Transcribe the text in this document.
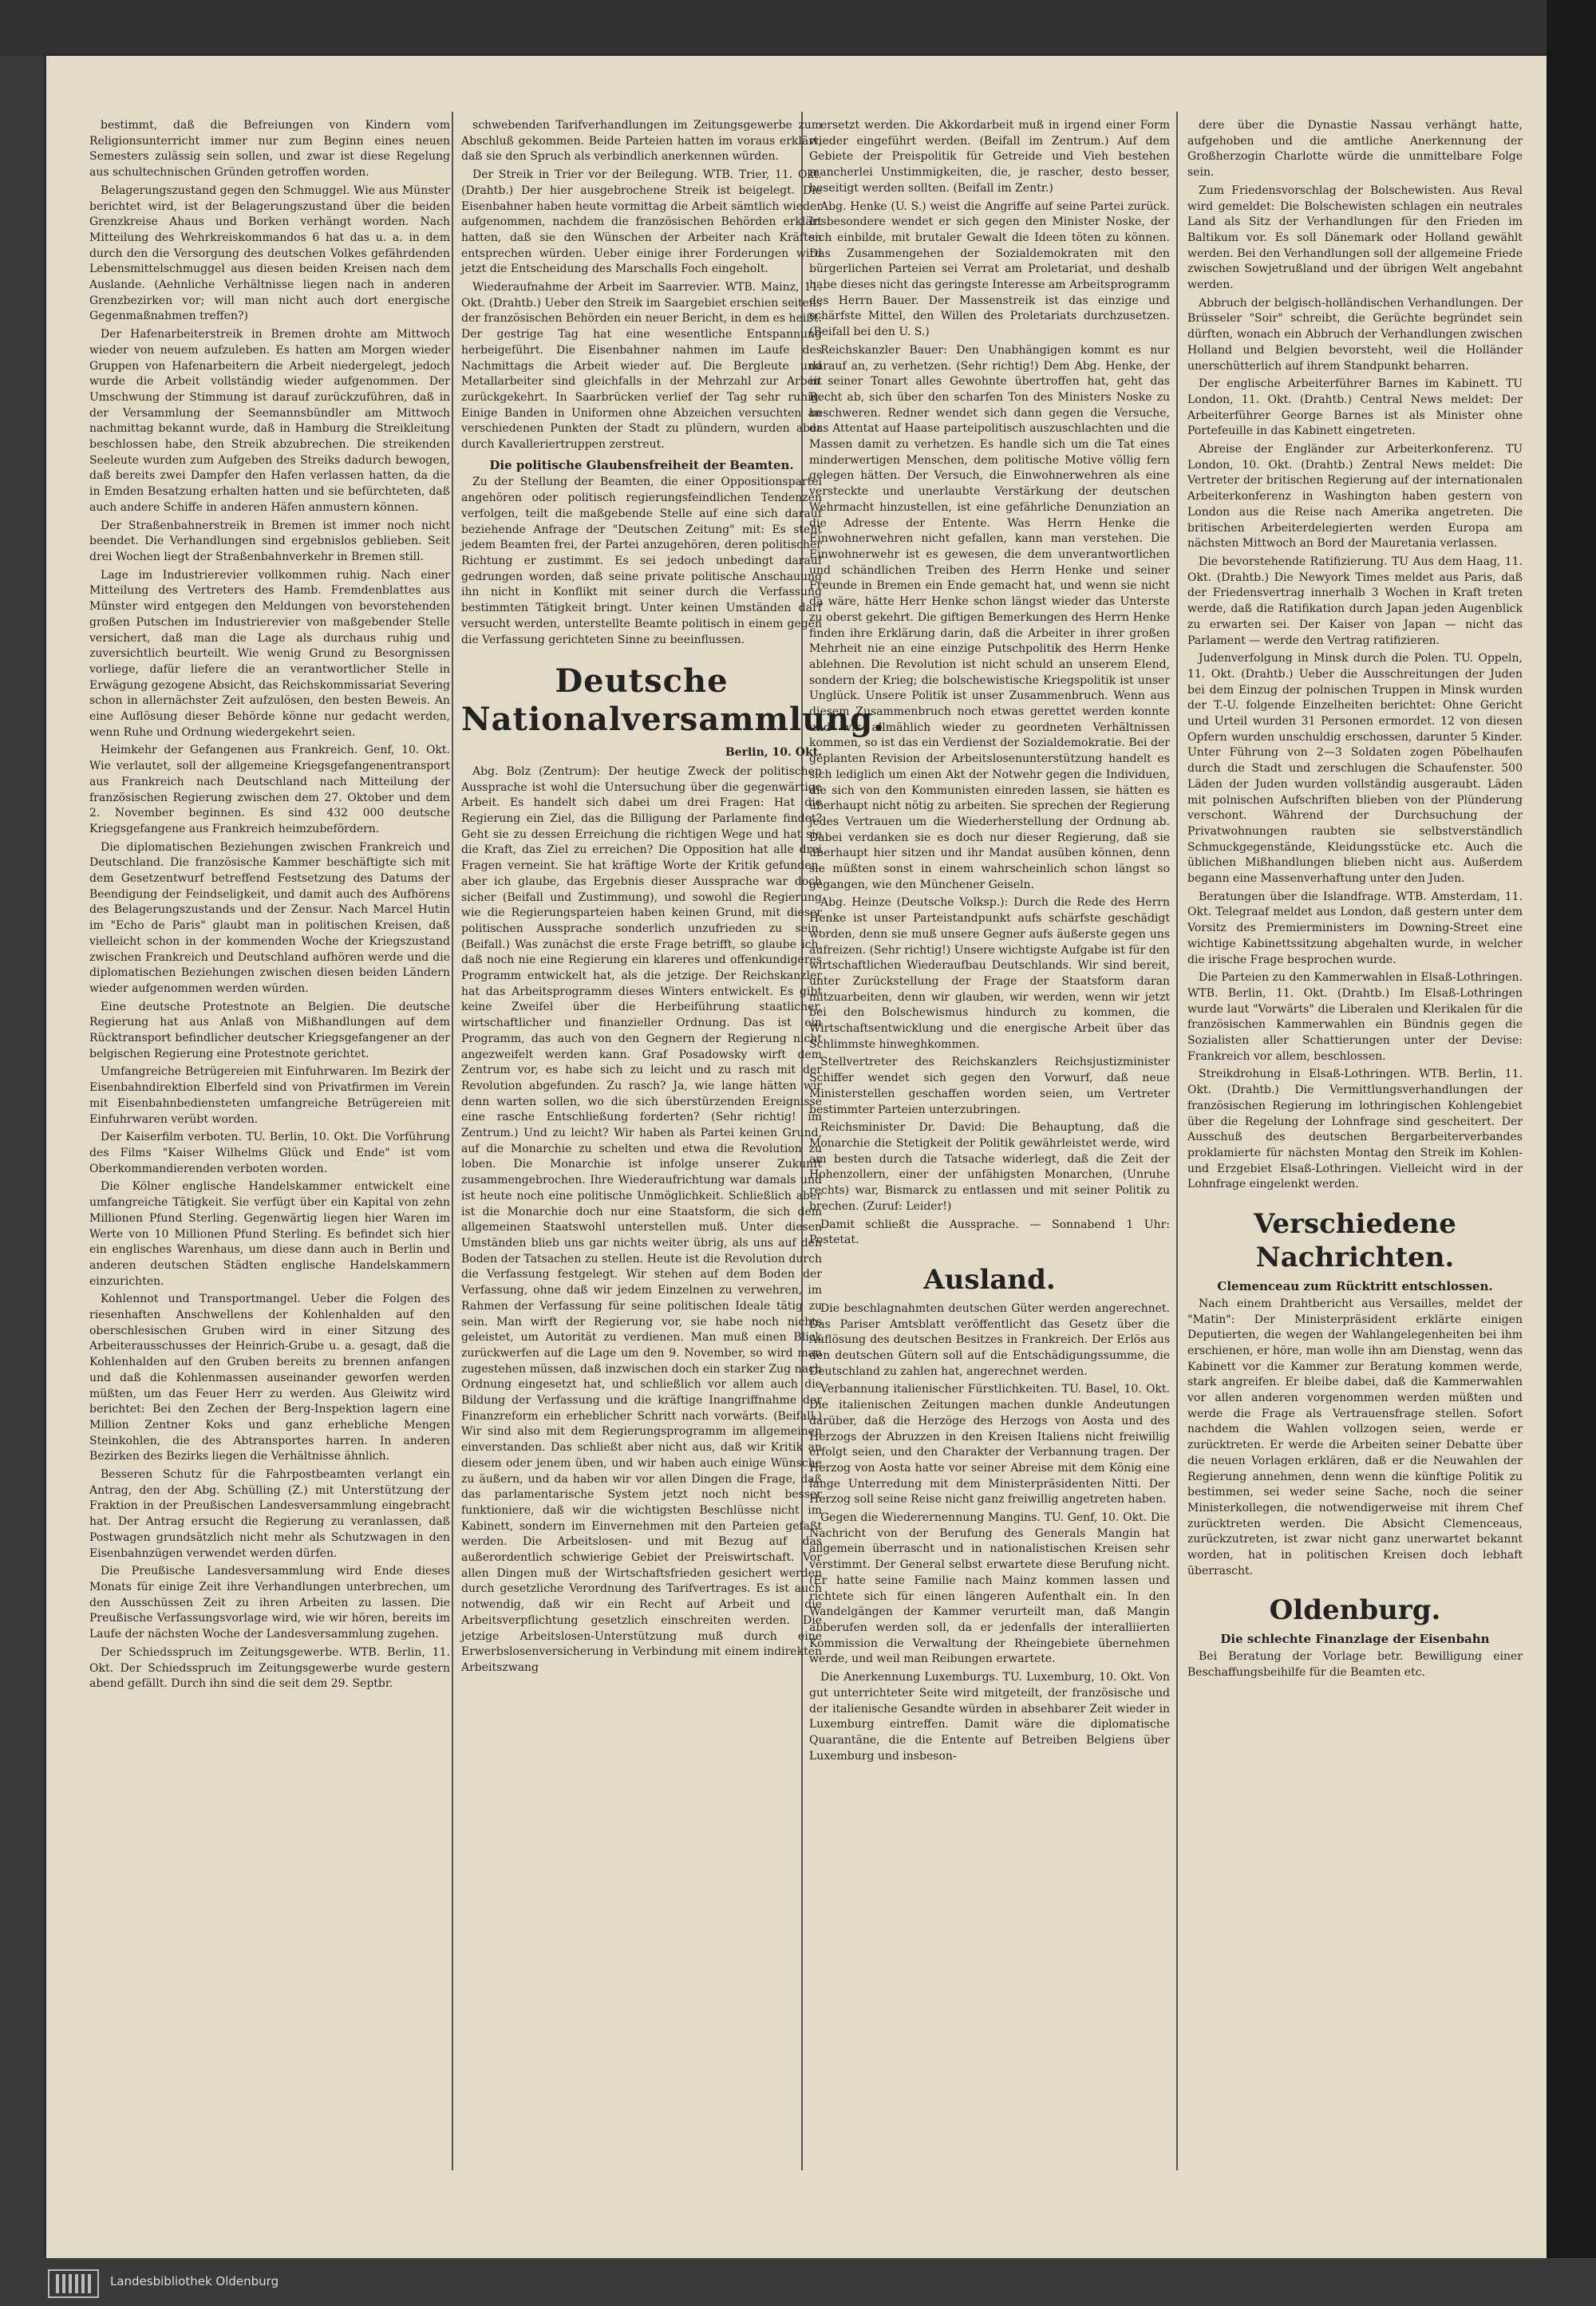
bestimmt, daß die Befreiungen von Kindern vom Religionsunterricht immer nur zum Beginn eines neuen Semesters zulässig sein sollen, und zwar ist diese Regelung aus schultechnischen Gründen getroffen worden.

Belagerungszustand gegen den Schmuggel. Wie aus Münster berichtet wird, ist der Belagerungszustand über die beiden Grenzkreise Ahaus und Borken verhängt worden. Nach Mitteilung des Wehrkreiskommandos 6 hat das u. a. in dem durch den die Versorgung des deutschen Volkes gefährdenden Lebensmittelschmuggel aus diesen beiden Kreisen nach dem Auslande. (Aehnliche Verhältnisse liegen nach in anderen Grenzbezirken vor; will man nicht auch dort energische Gegenmaßnahmen treffen?)

Der Hafenarbeiterstreik in Bremen drohte am Mittwoch wieder von neuem aufzuleben. Es hatten am Morgen wieder Gruppen von Hafenarbeitern die Arbeit niedergelegt, jedoch wurde die Arbeit vollständig wieder aufgenommen. Der Umschwung der Stimmung ist darauf zurückzuführen, daß in der Versammlung der Seemannsbündler am Mittwoch nachmittag bekannt wurde, daß in Hamburg die Streikleitung beschlossen habe, den Streik abzubrechen. Die streikenden Seeleute wurden zum Aufgeben des Streiks dadurch bewogen, daß bereits zwei Dampfer den Hafen verlassen hatten, da die in Emden Besatzung erhalten hatten und sie befürchteten, daß auch andere Schiffe in anderen Häfen anmustern können.

Der Straßenbahnerstreik in Bremen ist immer noch nicht beendet. Die Verhandlungen sind ergebnislos geblieben. Seit drei Wochen liegt der Straßenbahnverkehr in Bremen still.

Lage im Industrierevier vollkommen ruhig. Nach einer Mitteilung des Vertreters des Hamb. Fremdenblattes aus Münster wird entgegen den Meldungen von bevorstehenden großen Putschen im Industrierevier von maßgebender Stelle versichert, daß man die Lage als durchaus ruhig und zuversichtlich beurteilt. Wie wenig Grund zu Besorgnissen vorliege, dafür liefere die an verantwortlicher Stelle in Erwägung gezogene Absicht, das Reichskommissariat Severing schon in allernächster Zeit aufzulösen, den besten Beweis. An eine Auflösung dieser Behörde könne nur gedacht werden, wenn Ruhe und Ordnung wiedergekehrt seien.

Heimkehr der Gefangenen aus Frankreich. Genf, 10. Okt. Wie verlautet, soll der allgemeine Kriegsgefangenentransport aus Frankreich nach Deutschland nach Mitteilung der französischen Regierung zwischen dem 27. Oktober und dem 2. November beginnen. Es sind 432 000 deutsche Kriegsgefangene aus Frankreich heimzubefördern.

Die diplomatischen Beziehungen zwischen Frankreich und Deutschland. Die französische Kammer beschäftigte sich mit dem Gesetzentwurf betreffend Festsetzung des Datums der Beendigung der Feindseligkeit, und damit auch des Aufhörens des Belagerungszustands und der Zensur. Nach Marcel Hutin im "Echo de Paris" glaubt man in politischen Kreisen, daß vielleicht schon in der kommenden Woche der Kriegszustand zwischen Frankreich und Deutschland aufhören werde und die diplomatischen Beziehungen zwischen diesen beiden Ländern wieder aufgenommen werden würden.

Eine deutsche Protestnote an Belgien. Die deutsche Regierung hat aus Anlaß von Mißhandlungen auf dem Rücktransport befindlicher deutscher Kriegsgefangener an der belgischen Regierung eine Protestnote gerichtet.

Umfangreiche Betrügereien mit Einfuhrwaren. Im Bezirk der Eisenbahndirektion Elberfeld sind von Privatfirmen im Verein mit Eisenbahnbediensteten umfangreiche Betrügereien mit Einfuhrwaren verübt worden.

Der Kaiserfilm verboten. TU. Berlin, 10. Okt. Die Vorführung des Films "Kaiser Wilhelms Glück und Ende" ist vom Oberkommandierenden verboten worden.

Die Kölner englische Handelskammer entwickelt eine umfangreiche Tätigkeit. Sie verfügt über ein Kapital von zehn Millionen Pfund Sterling. Gegenwärtig liegen hier Waren im Werte von 10 Millionen Pfund Sterling. Es befindet sich hier ein englisches Warenhaus, um diese dann auch in Berlin und anderen deutschen Städten englische Handelskammern einzurichten.

Kohlennot und Transportmangel. Ueber die Folgen des riesenhaften Anschwellens der Kohlenhalden auf den oberschlesischen Gruben wird in einer Sitzung des Arbeiterausschusses der Heinrich-Grube u. a. gesagt, daß die Kohlenhalden auf den Gruben bereits zu brennen anfangen und daß die Kohlenmassen auseinander geworfen werden müßten, um das Feuer Herr zu werden. Aus Gleiwitz wird berichtet: Bei den Zechen der Berg-Inspektion lagern eine Million Zentner Koks und ganz erhebliche Mengen Steinkohlen, die des Abtransportes harren. In anderen Bezirken des Bezirks liegen die Verhältnisse ähnlich.

Besseren Schutz für die Fahrpostbeamten verlangt ein Antrag, den der Abg. Schülling (Z.) mit Unterstützung der Fraktion in der Preußischen Landesversammlung eingebracht hat. Der Antrag ersucht die Regierung zu veranlassen, daß Postwagen grundsätzlich nicht mehr als Schutzwagen in den Eisenbahnzügen verwendet werden dürfen.

Die Preußische Landesversammlung wird Ende dieses Monats für einige Zeit ihre Verhandlungen unterbrechen, um den Ausschüssen Zeit zu ihren Arbeiten zu lassen. Die Preußische Verfassungsvorlage wird, wie wir hören, bereits im Laufe der nächsten Woche der Landesversammlung zugehen.

Der Schiedsspruch im Zeitungsgewerbe. WTB. Berlin, 11. Okt. Der Schiedsspruch im Zeitungsgewerbe wurde gestern abend gefällt. Durch ihn sind die seit dem 29. Septbr.

schwebenden Tarifverhandlungen im Zeitungsgewerbe zum Abschluß gekommen. Beide Parteien hatten im voraus erklärt, daß sie den Spruch als verbindlich anerkennen würden.

Der Streik in Trier vor der Beilegung. WTB. Trier, 11. Okt. (Drahtb.) Der hier ausgebrochene Streik ist beigelegt. Die Eisenbahner haben heute vormittag die Arbeit sämtlich wieder aufgenommen, nachdem die französischen Behörden erklärt hatten, daß sie den Wünschen der Arbeiter nach Kräften entsprechen würden. Ueber einige ihrer Forderungen wird jetzt die Entscheidung des Marschalls Foch eingeholt.

Wiederaufnahme der Arbeit im Saarrevier. WTB. Mainz, 11. Okt. (Drahtb.) Ueber den Streik im Saargebiet erschien seitens der französischen Behörden ein neuer Bericht, in dem es heißt: Der gestrige Tag hat eine wesentliche Entspannung herbeigeführt. Die Eisenbahner nahmen im Laufe des Nachmittags die Arbeit wieder auf. Die Bergleute und Metallarbeiter sind gleichfalls in der Mehrzahl zur Arbeit zurückgekehrt. In Saarbrücken verlief der Tag sehr ruhig. Einige Banden in Uniformen ohne Abzeichen versuchten an verschiedenen Punkten der Stadt zu plündern, wurden aber durch Kavalleriertruppen zerstreut.

Die politische Glaubensfreiheit der Beamten.

Zu der Stellung der Beamten, die einer Oppositionspartei angehören oder politisch regierungsfeindlichen Tendenzen verfolgen, teilt die maßgebende Stelle auf eine sich darauf beziehende Anfrage der "Deutschen Zeitung" mit: Es steht jedem Beamten frei, der Partei anzugehören, deren politischer Richtung er zustimmt. Es sei jedoch unbedingt darauf gedrungen worden, daß seine private politische Anschauung ihn nicht in Konflikt mit seiner durch die Verfassung bestimmten Tätigkeit bringt. Unter keinen Umständen darf versucht werden, unterstellte Beamte politisch in einem gegen die Verfassung gerichteten Sinne zu beeinflussen.

Deutsche Nationalversammlung.
Berlin, 10. Okt.

Abg. Bolz (Zentrum): Der heutige Zweck der politischen Aussprache ist wohl die Untersuchung über die gegenwärtige Arbeit. Es handelt sich dabei um drei Fragen: Hat die Regierung ein Ziel, das die Billigung der Parlamente findet? Geht sie zu dessen Erreichung die richtigen Wege und hat sie die Kraft, das Ziel zu erreichen? Die Opposition hat alle drei Fragen verneint. Sie hat kräftige Worte der Kritik gefunden, aber ich glaube, das Ergebnis dieser Aussprache war doch sicher (Beifall und Zustimmung), und sowohl die Regierung wie die Regierungsparteien haben keinen Grund, mit dieser politischen Aussprache sonderlich unzufrieden zu sein. (Beifall.) Was zunächst die erste Frage betrifft, so glaube ich, daß noch nie eine Regierung ein klareres und offenkundigeres Programm entwickelt hat, als die jetzige. Der Reichskanzler hat das Arbeitsprogramm dieses Winters entwickelt. Es gibt keine Zweifel über die Herbeiführung staatlicher, wirtschaftlicher und finanzieller Ordnung. Das ist ein Programm, das auch von den Gegnern der Regierung nicht angezweifelt werden kann. Graf Posadowsky wirft dem Zentrum vor, es habe sich zu leicht und zu rasch mit der Revolution abgefunden. Zu rasch? Ja, wie lange hätten wir denn warten sollen, wo die sich überstürzenden Ereignisse eine rasche Entschließung forderten? (Sehr richtig! im Zentrum.) Und zu leicht? Wir haben als Partei keinen Grund, auf die Monarchie zu schelten und etwa die Revolution zu loben. Die Monarchie ist infolge unserer Zukunft zusammengebrochen. Ihre Wiederaufrichtung war damals und ist heute noch eine politische Unmöglichkeit. Schließlich aber ist die Monarchie doch nur eine Staatsform, die sich dem allgemeinen Staatswohl unterstellen muß. Unter diesen Umständen blieb uns gar nichts weiter übrig, als uns auf den Boden der Tatsachen zu stellen. Heute ist die Revolution durch die Verfassung festgelegt. Wir stehen auf dem Boden der Verfassung, ohne daß wir jedem Einzelnen zu verwehren, im Rahmen der Verfassung für seine politischen Ideale tätig zu sein. Man wirft der Regierung vor, sie habe noch nichts geleistet, um Autorität zu verdienen. Man muß einen Blick zurückwerfen auf die Lage um den 9. November, so wird man zugestehen müssen, daß inzwischen doch ein starker Zug nach Ordnung eingesetzt hat, und schließlich vor allem auch die Bildung der Verfassung und die kräftige Inangriffnahme der Finanzreform ein erheblicher Schritt nach vorwärts. (Beifall.) Wir sind also mit dem Regierungsprogramm im allgemeinen einverstanden. Das schließt aber nicht aus, daß wir Kritik an diesem oder jenem üben, und wir haben auch einige Wünsche zu äußern, und da haben wir vor allen Dingen die Frage, daß das parlamentarische System jetzt noch nicht besser funktioniere, daß wir die wichtigsten Beschlüsse nicht im Kabinett, sondern im Einvernehmen mit den Parteien gefaßt werden. Die Arbeitslosen- und mit Bezug auf das außerordentlich schwierige Gebiet der Preiswirtschaft. Vor allen Dingen muß der Wirtschaftsfrieden gesichert werden durch gesetzliche Verordnung des Tarifvertrages. Es ist auch notwendig, daß wir ein Recht auf Arbeit und die Arbeitsverpflichtung gesetzlich einschreiten werden. Die jetzige Arbeitslosen-Unterstützung muß durch eine Erwerbslosenversicherung in Verbindung mit einem indirekten Arbeitszwang

ersetzt werden. Die Akkordarbeit muß in irgend einer Form wieder eingeführt werden. (Beifall im Zentrum.) Auf dem Gebiete der Preispolitik für Getreide und Vieh bestehen mancherlei Unstimmigkeiten, die, je rascher, desto besser, beseitigt werden sollten. (Beifall im Zentr.)

Abg. Henke (U. S.) weist die Angriffe auf seine Partei zurück. Insbesondere wendet er sich gegen den Minister Noske, der sich einbilde, mit brutaler Gewalt die Ideen töten zu können. Das Zusammengehen der Sozialdemokraten mit den bürgerlichen Parteien sei Verrat am Proletariat, und deshalb habe dieses nicht das geringste Interesse am Arbeitsprogramm des Herrn Bauer. Der Massenstreik ist das einzige und schärfste Mittel, den Willen des Proletariats durchzusetzen. (Beifall bei den U. S.)

Reichskanzler Bauer: Den Unabhängigen kommt es nur darauf an, zu verhetzen. (Sehr richtig!) Dem Abg. Henke, der in seiner Tonart alles Gewohnte übertroffen hat, geht das Recht ab, sich über den scharfen Ton des Ministers Noske zu beschweren. Redner wendet sich dann gegen die Versuche, das Attentat auf Haase parteipolitisch auszuschlachten und die Massen damit zu verhetzen. Es handle sich um die Tat eines minderwertigen Menschen, dem politische Motive völlig fern gelegen hätten. Der Versuch, die Einwohnerwehren als eine versteckte und unerlaubte Verstärkung der deutschen Wehrmacht hinzustellen, ist eine gefährliche Denunziation an die Adresse der Entente. Was Herrn Henke die Einwohnerwehren nicht gefallen, kann man verstehen. Die Einwohnerwehr ist es gewesen, die dem unverantwortlichen und schändlichen Treiben des Herrn Henke und seiner Freunde in Bremen ein Ende gemacht hat, und wenn sie nicht da wäre, hätte Herr Henke schon längst wieder das Unterste zu oberst gekehrt. Die giftigen Bemerkungen des Herrn Henke finden ihre Erklärung darin, daß die Arbeiter in ihrer großen Mehrheit nie an eine einzige Putschpolitik des Herrn Henke ablehnen. Die Revolution ist nicht schuld an unserem Elend, sondern der Krieg; die bolschewistische Kriegspolitik ist unser Unglück. Unsere Politik ist unser Zusammenbruch. Wenn aus diesem Zusammenbruch noch etwas gerettet werden konnte und wir allmählich wieder zu geordneten Verhältnissen kommen, so ist das ein Verdienst der Sozialdemokratie. Bei der geplanten Revision der Arbeitslosenunterstützung handelt es sich lediglich um einen Akt der Notwehr gegen die Individuen, die sich von den Kommunisten einreden lassen, sie hätten es überhaupt nicht nötig zu arbeiten. Sie sprechen der Regierung jedes Vertrauen um die Wiederherstellung der Ordnung ab. Dabei verdanken sie es doch nur dieser Regierung, daß sie überhaupt hier sitzen und ihr Mandat ausüben können, denn sie müßten sonst in einem wahrscheinlich schon längst so gegangen, wie den Münchener Geiseln.

Abg. Heinze (Deutsche Volksp.): Durch die Rede des Herrn Henke ist unser Parteistandpunkt aufs schärfste geschädigt worden, denn sie muß unsere Gegner aufs äußerste gegen uns aufreizen. (Sehr richtig!) Unsere wichtigste Aufgabe ist für den wirtschaftlichen Wiederaufbau Deutschlands. Wir sind bereit, unter Zurückstellung der Frage der Staatsform daran mitzuarbeiten, denn wir glauben, wir werden, wenn wir jetzt bei den Bolschewismus hindurch zu kommen, die Wirtschaftsentwicklung und die energische Arbeit über das Schlimmste hinweghkommen.

Stellvertreter des Reichskanzlers Reichsjustizminister Schiffer wendet sich gegen den Vorwurf, daß neue Ministerstellen geschaffen worden seien, um Vertreter bestimmter Parteien unterzubringen.

Reichsminister Dr. David: Die Behauptung, daß die Monarchie die Stetigkeit der Politik gewährleistet werde, wird am besten durch die Tatsache widerlegt, daß die Zeit der Hohenzollern, einer der unfähigsten Monarchen, (Unruhe rechts) war, Bismarck zu entlassen und mit seiner Politik zu brechen. (Zuruf: Leider!)

Damit schließt die Aussprache. — Sonnabend 1 Uhr: Postetat.

Ausland.

Die beschlagnahmten deutschen Güter werden angerechnet. Das Pariser Amtsblatt veröffentlicht das Gesetz über die Auflösung des deutschen Besitzes in Frankreich. Der Erlös aus den deutschen Gütern soll auf die Entschädigungssumme, die Deutschland zu zahlen hat, angerechnet werden.

Verbannung italienischer Fürstlichkeiten. TU. Basel, 10. Okt. Die italienischen Zeitungen machen dunkle Andeutungen darüber, daß die Herzöge des Herzogs von Aosta und des Herzogs der Abruzzen in den Kreisen Italiens nicht freiwillig erfolgt seien, und den Charakter der Verbannung tragen. Der Herzog von Aosta hatte vor seiner Abreise mit dem König eine lange Unterredung mit dem Ministerpräsidenten Nitti. Der Herzog soll seine Reise nicht ganz freiwillig angetreten haben.

Gegen die Wiederernennung Mangins. TU. Genf, 10. Okt. Die Nachricht von der Berufung des Generals Mangin hat allgemein überrascht und in nationalistischen Kreisen sehr verstimmt. Der General selbst erwartete diese Berufung nicht. (Er hatte seine Familie nach Mainz kommen lassen und richtete sich für einen längeren Aufenthalt ein. In den Wandelgängen der Kammer verurteilt man, daß Mangin abberufen werden soll, da er jedenfalls der interalliierten Kommission die Verwaltung der Rheingebiete übernehmen werde, und weil man Reibungen erwartete.

Die Anerkennung Luxemburgs. TU. Luxemburg, 10. Okt. Von gut unterrichteter Seite wird mitgeteilt, der französische und der italienische Gesandte würden in absehbarer Zeit wieder in Luxemburg eintreffen. Damit wäre die diplomatische Quarantäne, die die Entente auf Betreiben Belgiens über Luxemburg und insbeson-

dere über die Dynastie Nassau verhängt hatte, aufgehoben und die amtliche Anerkennung der Großherzogin Charlotte würde die unmittelbare Folge sein.

Zum Friedensvorschlag der Bolschewisten. Aus Reval wird gemeldet: Die Bolschewisten schlagen ein neutrales Land als Sitz der Verhandlungen für den Frieden im Baltikum vor. Es soll Dänemark oder Holland gewählt werden. Bei den Verhandlungen soll der allgemeine Friede zwischen Sowjetrußland und der übrigen Welt angebahnt werden.

Abbruch der belgisch-holländischen Verhandlungen. Der Brüsseler "Soir" schreibt, die Gerüchte begründet sein dürften, wonach ein Abbruch der Verhandlungen zwischen Holland und Belgien bevorsteht, weil die Holländer unerschütterlich auf ihrem Standpunkt beharren.

Der englische Arbeiterführer Barnes im Kabinett. TU London, 11. Okt. (Drahtb.) Central News meldet: Der Arbeiterführer George Barnes ist als Minister ohne Portefeuille in das Kabinett eingetreten.

Abreise der Engländer zur Arbeiterkonferenz. TU London, 10. Okt. (Drahtb.) Zentral News meldet: Die Vertreter der britischen Regierung auf der internationalen Arbeiterkonferenz in Washington haben gestern von London aus die Reise nach Amerika angetreten. Die britischen Arbeiterdelegierten werden Europa am nächsten Mittwoch an Bord der Mauretania verlassen.

Die bevorstehende Ratifizierung. TU Aus dem Haag, 11. Okt. (Drahtb.) Die Newyork Times meldet aus Paris, daß der Friedensvertrag innerhalb 3 Wochen in Kraft treten werde, daß die Ratifikation durch Japan jeden Augenblick zu erwarten sei. Der Kaiser von Japan — nicht das Parlament — werde den Vertrag ratifizieren.

Judenverfolgung in Minsk durch die Polen. TU. Oppeln, 11. Okt. (Drahtb.) Ueber die Ausschreitungen der Juden bei dem Einzug der polnischen Truppen in Minsk wurden der T.-U. folgende Einzelheiten berichtet: Ohne Gericht und Urteil wurden 31 Personen ermordet. 12 von diesen Opfern wurden unschuldig erschossen, darunter 5 Kinder. Unter Führung von 2—3 Soldaten zogen Pöbelhaufen durch die Stadt und zerschlugen die Schaufenster. 500 Läden der Juden wurden vollständig ausgeraubt. Läden mit polnischen Aufschriften blieben von der Plünderung verschont. Während der Durchsuchung der Privatwohnungen raubten sie selbstverständlich Schmuckgegenstände, Kleidungsstücke etc. Auch die üblichen Mißhandlungen blieben nicht aus. Außerdem begann eine Massenverhaftung unter den Juden.

Beratungen über die Islandfrage. WTB. Amsterdam, 11. Okt. Telegraaf meldet aus London, daß gestern unter dem Vorsitz des Premierministers im Downing-Street eine wichtige Kabinettssitzung abgehalten wurde, in welcher die irische Frage besprochen wurde.

Die Parteien zu den Kammerwahlen in Elsaß-Lothringen. WTB. Berlin, 11. Okt. (Drahtb.) Im Elsaß-Lothringen wurde laut "Vorwärts" die Liberalen und Klerikalen für die französischen Kammerwahlen ein Bündnis gegen die Sozialisten aller Schattierungen unter der Devise: Frankreich vor allem, beschlossen.

Streikdrohung in Elsaß-Lothringen. WTB. Berlin, 11. Okt. (Drahtb.) Die Vermittlungsverhandlungen der französischen Regierung im lothringischen Kohlengebiet über die Regelung der Lohnfrage sind gescheitert. Der Ausschuß des deutschen Bergarbeiterverbandes proklamierte für nächsten Montag den Streik im Kohlen- und Erzgebiet Elsaß-Lothringen. Vielleicht wird in der Lohnfrage eingelenkt werden.

Verschiedene Nachrichten.
Clemenceau zum Rücktritt entschlossen.

Nach einem Drahtbericht aus Versailles, meldet der "Matin": Der Ministerpräsident erklärte einigen Deputierten, die wegen der Wahlangelegenheiten bei ihm erschienen, er höre, man wolle ihn am Dienstag, wenn das Kabinett vor die Kammer zur Beratung kommen werde, stark angreifen. Er bleibe dabei, daß die Kammerwahlen vor allen anderen vorgenommen werden müßten und werde die Frage als Vertrauensfrage stellen. Sofort nachdem die Wahlen vollzogen seien, werde er zurücktreten. Er werde die Arbeiten seiner Debatte über die neuen Vorlagen erklären, daß er die Neuwahlen der Regierung annehmen, denn wenn die künftige Politik zu bestimmen, sei weder seine Sache, noch die seiner Ministerkollegen, die notwendigerweise mit ihrem Chef zurücktreten werden. Die Absicht Clemenceaus, zurückzutreten, ist zwar nicht ganz unerwartet bekannt worden, hat in politischen Kreisen doch lebhaft überrascht.

Oldenburg.
Die schlechte Finanzlage der Eisenbahn

Bei Beratung der Vorlage betr. Bewilligung einer Beschaffungsbeihilfe für die Beamten etc.

Landesbibliothek Oldenburg
